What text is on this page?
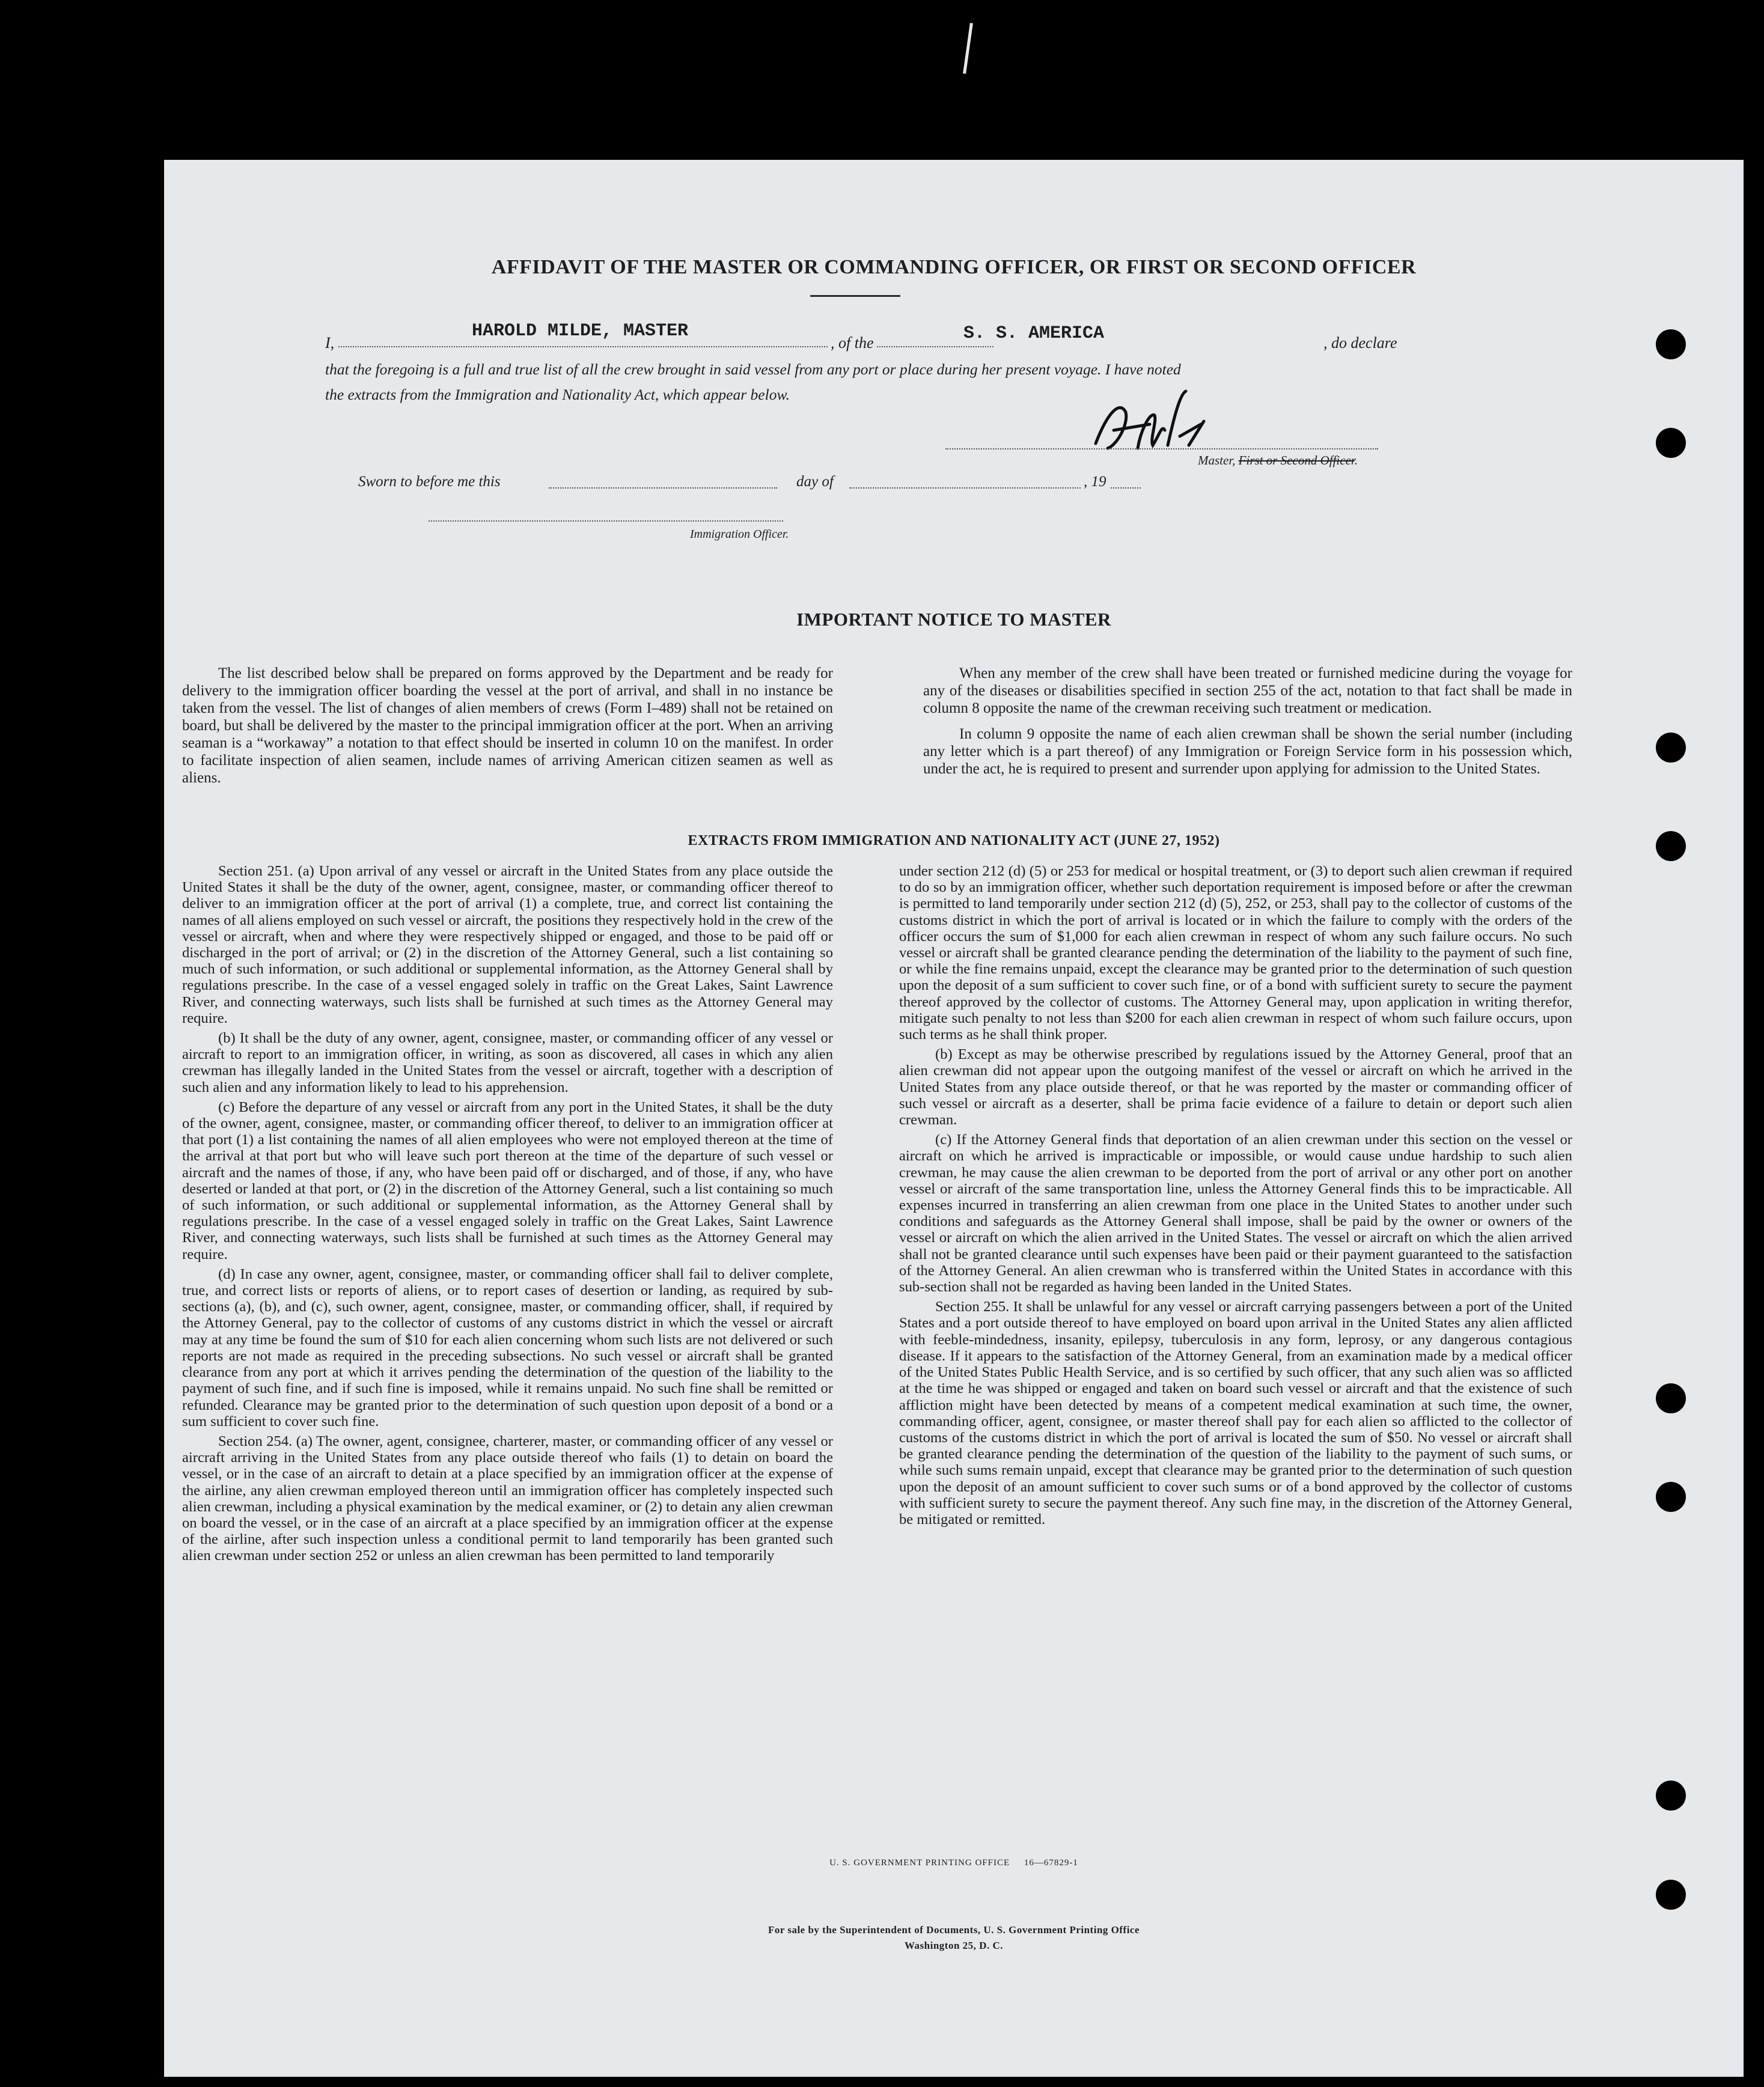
AFFIDAVIT OF THE MASTER OR COMMANDING OFFICER, OR FIRST OR SECOND OFFICER
I,
HAROLD MILDE, MASTER
, of the	S. S. AMERICA	, do declare
that the foregoing is a full and true list of all the crew brought in said vessel from any port or place during her present voyage. I have noted
the extracts from the Immigration and Nationality Act, which appear below.
Master, First or Second Officer.
Sworn to before me this	day of	, 19
Immigration Officer.
IMPORTANT NOTICE TO MASTER

The list described below shall be prepared on forms approved by the Department and be ready for delivery to the immigration officer boarding the vessel at the port of arrival, and shall in no instance be taken from the vessel. The list of changes of alien members of crews (Form I–489) shall not be retained on board, but shall be delivered by the master to the principal immigration officer at the port. When an arriving seaman is a “workaway” a notation to that effect should be inserted in column 10 on the manifest. In order to facilitate inspection of alien seamen, include names of arriving American citizen seamen as well as aliens.

When any member of the crew shall have been treated or furnished medicine during the voyage for any of the diseases or disabilities specified in section 255 of the act, notation to that fact shall be made in column 8 opposite the name of the crewman receiving such treatment or medication.

In column 9 opposite the name of each alien crewman shall be shown the serial number (including any letter which is a part thereof) of any Immigration or Foreign Service form in his possession which, under the act, he is required to present and surrender upon applying for admission to the United States.

EXTRACTS FROM IMMIGRATION AND NATIONALITY ACT (JUNE 27, 1952)

Section 251. (a) Upon arrival of any vessel or aircraft in the United States from any place outside the United States it shall be the duty of the owner, agent, consignee, master, or commanding officer thereof to deliver to an immigration officer at the port of arrival (1) a complete, true, and correct list containing the names of all aliens employed on such vessel or aircraft, the positions they respectively hold in the crew of the vessel or aircraft, when and where they were respectively shipped or engaged, and those to be paid off or discharged in the port of arrival; or (2) in the discretion of the Attorney General, such a list containing so much of such information, or such additional or supplemental information, as the Attorney General shall by regulations prescribe. In the case of a vessel engaged solely in traffic on the Great Lakes, Saint Lawrence River, and connecting waterways, such lists shall be furnished at such times as the Attorney General may require.

(b) It shall be the duty of any owner, agent, consignee, master, or commanding officer of any vessel or aircraft to report to an immigration officer, in writing, as soon as discovered, all cases in which any alien crewman has illegally landed in the United States from the vessel or aircraft, together with a description of such alien and any information likely to lead to his apprehension.

(c) Before the departure of any vessel or aircraft from any port in the United States, it shall be the duty of the owner, agent, consignee, master, or commanding officer thereof, to deliver to an immigration officer at that port (1) a list containing the names of all alien employees who were not employed thereon at the time of the arrival at that port but who will leave such port thereon at the time of the departure of such vessel or aircraft and the names of those, if any, who have been paid off or discharged, and of those, if any, who have deserted or landed at that port, or (2) in the discretion of the Attorney General, such a list containing so much of such information, or such additional or supplemental information, as the Attorney General shall by regulations prescribe. In the case of a vessel engaged solely in traffic on the Great Lakes, Saint Lawrence River, and connecting waterways, such lists shall be furnished at such times as the Attorney General may require.

(d) In case any owner, agent, consignee, master, or commanding officer shall fail to deliver complete, true, and correct lists or reports of aliens, or to report cases of desertion or landing, as required by sub-sections (a), (b), and (c), such owner, agent, consignee, master, or commanding officer, shall, if required by the Attorney General, pay to the collector of customs of any customs district in which the vessel or aircraft may at any time be found the sum of $10 for each alien concerning whom such lists are not delivered or such reports are not made as required in the preceding subsections. No such vessel or aircraft shall be granted clearance from any port at which it arrives pending the determination of the question of the liability to the payment of such fine, and if such fine is imposed, while it remains unpaid. No such fine shall be remitted or refunded. Clearance may be granted prior to the determination of such question upon deposit of a bond or a sum sufficient to cover such fine.

Section 254. (a) The owner, agent, consignee, charterer, master, or commanding officer of any vessel or aircraft arriving in the United States from any place outside thereof who fails (1) to detain on board the vessel, or in the case of an aircraft to detain at a place specified by an immigration officer at the expense of the airline, any alien crewman employed thereon until an immigration officer has completely inspected such alien crewman, including a physical examination by the medical examiner, or (2) to detain any alien crewman on board the vessel, or in the case of an aircraft at a place specified by an immigration officer at the expense of the airline, after such inspection unless a conditional permit to land temporarily has been granted such alien crewman under section 252 or unless an alien crewman has been permitted to land temporarily

under section 212 (d) (5) or 253 for medical or hospital treatment, or (3) to deport such alien crewman if required to do so by an immigration officer, whether such deportation requirement is imposed before or after the crewman is permitted to land temporarily under section 212 (d) (5), 252, or 253, shall pay to the collector of customs of the customs district in which the port of arrival is located or in which the failure to comply with the orders of the officer occurs the sum of $1,000 for each alien crewman in respect of whom any such failure occurs. No such vessel or aircraft shall be granted clearance pending the determination of the liability to the payment of such fine, or while the fine remains unpaid, except the clearance may be granted prior to the determination of such question upon the deposit of a sum sufficient to cover such fine, or of a bond with sufficient surety to secure the payment thereof approved by the collector of customs. The Attorney General may, upon application in writing therefor, mitigate such penalty to not less than $200 for each alien crewman in respect of whom such failure occurs, upon such terms as he shall think proper.

(b) Except as may be otherwise prescribed by regulations issued by the Attorney General, proof that an alien crewman did not appear upon the outgoing manifest of the vessel or aircraft on which he arrived in the United States from any place outside thereof, or that he was reported by the master or commanding officer of such vessel or aircraft as a deserter, shall be prima facie evidence of a failure to detain or deport such alien crewman.

(c) If the Attorney General finds that deportation of an alien crewman under this section on the vessel or aircraft on which he arrived is impracticable or impossible, or would cause undue hardship to such alien crewman, he may cause the alien crewman to be deported from the port of arrival or any other port on another vessel or aircraft of the same transportation line, unless the Attorney General finds this to be impracticable. All expenses incurred in transferring an alien crewman from one place in the United States to another under such conditions and safeguards as the Attorney General shall impose, shall be paid by the owner or owners of the vessel or aircraft on which the alien arrived in the United States. The vessel or aircraft on which the alien arrived shall not be granted clearance until such expenses have been paid or their payment guaranteed to the satisfaction of the Attorney General. An alien crewman who is transferred within the United States in accordance with this sub-section shall not be regarded as having been landed in the United States.

Section 255. It shall be unlawful for any vessel or aircraft carrying passengers between a port of the United States and a port outside thereof to have employed on board upon arrival in the United States any alien afflicted with feeble-mindedness, insanity, epilepsy, tuberculosis in any form, leprosy, or any dangerous contagious disease. If it appears to the satisfaction of the Attorney General, from an examination made by a medical officer of the United States Public Health Service, and is so certified by such officer, that any such alien was so afflicted at the time he was shipped or engaged and taken on board such vessel or aircraft and that the existence of such affliction might have been detected by means of a competent medical examination at such time, the owner, commanding officer, agent, consignee, or master thereof shall pay for each alien so afflicted to the collector of customs of the customs district in which the port of arrival is located the sum of $50. No vessel or aircraft shall be granted clearance pending the determination of the question of the liability to the payment of such sums, or while such sums remain unpaid, except that clearance may be granted prior to the determination of such question upon the deposit of an amount sufficient to cover such sums or of a bond approved by the collector of customs with sufficient surety to secure the payment thereof. Any such fine may, in the discretion of the Attorney General, be mitigated or remitted.

U. S. GOVERNMENT PRINTING OFFICE     16—67829-1
For sale by the Superintendent of Documents, U. S. Government Printing Office
Washington 25, D. C.
